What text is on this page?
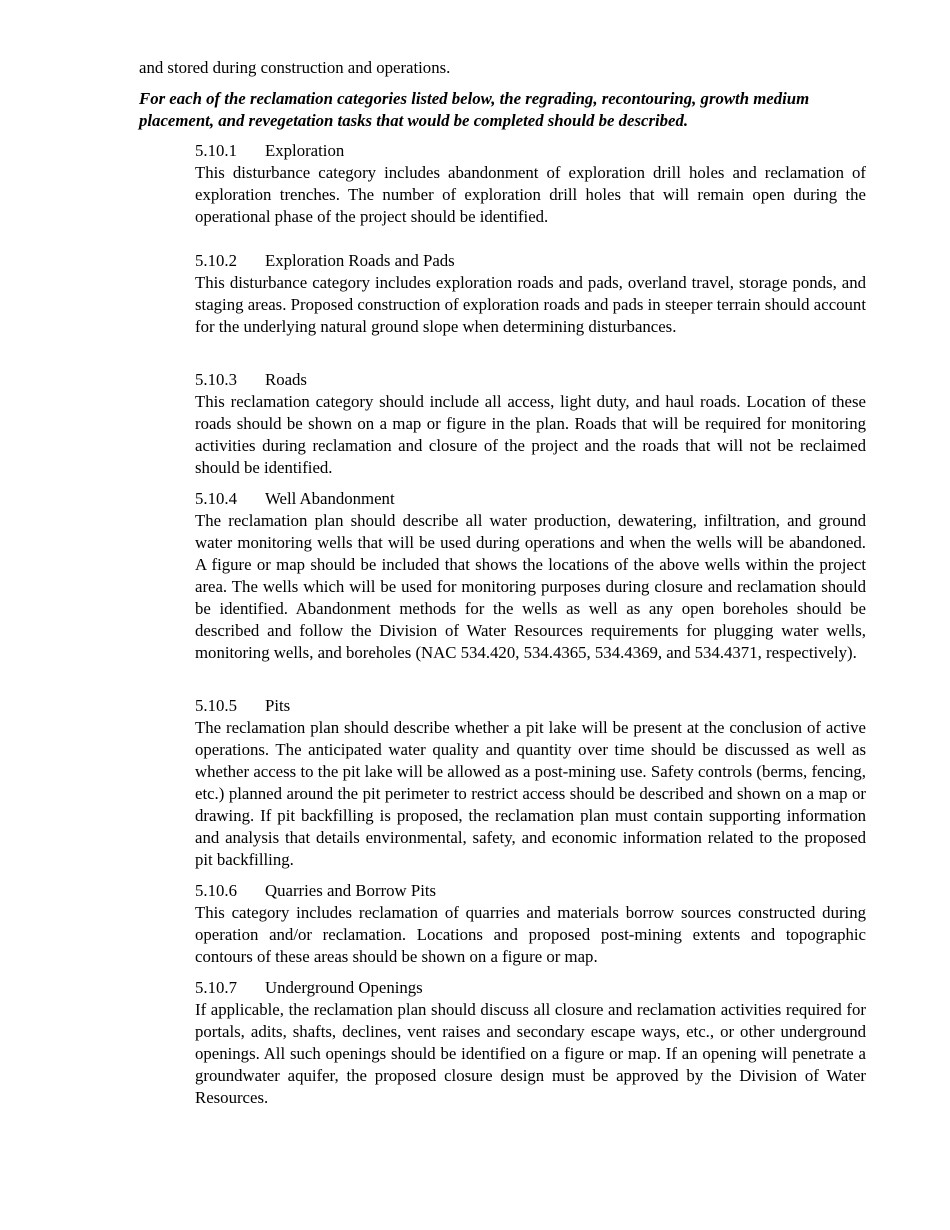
and stored during construction and operations.

For each of the reclamation categories listed below, the regrading, recontouring, growth medium placement, and revegetation tasks that would be completed should be described.

5.10.1	Exploration

This disturbance category includes abandonment of exploration drill holes and reclamation of exploration trenches. The number of exploration drill holes that will remain open during the operational phase of the project should be identified.

5.10.2	Exploration Roads and Pads

This disturbance category includes exploration roads and pads, overland travel, storage ponds, and staging areas. Proposed construction of exploration roads and pads in steeper terrain should account for the underlying natural ground slope when determining disturbances.

5.10.3	Roads

This reclamation category should include all access, light duty, and haul roads. Location of these roads should be shown on a map or figure in the plan. Roads that will be required for monitoring activities during reclamation and closure of the project and the roads that will not be reclaimed should be identified.

5.10.4	Well Abandonment

The reclamation plan should describe all water production, dewatering, infiltration, and ground water monitoring wells that will be used during operations and when the wells will be abandoned. A figure or map should be included that shows the locations of the above wells within the project area. The wells which will be used for monitoring purposes during closure and reclamation should be identified. Abandonment methods for the wells as well as any open boreholes should be described and follow the Division of Water Resources requirements for plugging water wells, monitoring wells, and boreholes (NAC 534.420, 534.4365, 534.4369, and 534.4371, respectively).

5.10.5	Pits

The reclamation plan should describe whether a pit lake will be present at the conclusion of active operations. The anticipated water quality and quantity over time should be discussed as well as whether access to the pit lake will be allowed as a post-mining use. Safety controls (berms, fencing, etc.) planned around the pit perimeter to restrict access should be described and shown on a map or drawing. If pit backfilling is proposed, the reclamation plan must contain supporting information and analysis that details environmental, safety, and economic information related to the proposed pit backfilling.

5.10.6	Quarries and Borrow Pits

This category includes reclamation of quarries and materials borrow sources constructed during operation and/or reclamation. Locations and proposed post-mining extents and topographic contours of these areas should be shown on a figure or map.

5.10.7	Underground Openings

If applicable, the reclamation plan should discuss all closure and reclamation activities required for portals, adits, shafts, declines, vent raises and secondary escape ways, etc., or other underground openings. All such openings should be identified on a figure or map. If an opening will penetrate a groundwater aquifer, the proposed closure design must be approved by the Division of Water Resources.
